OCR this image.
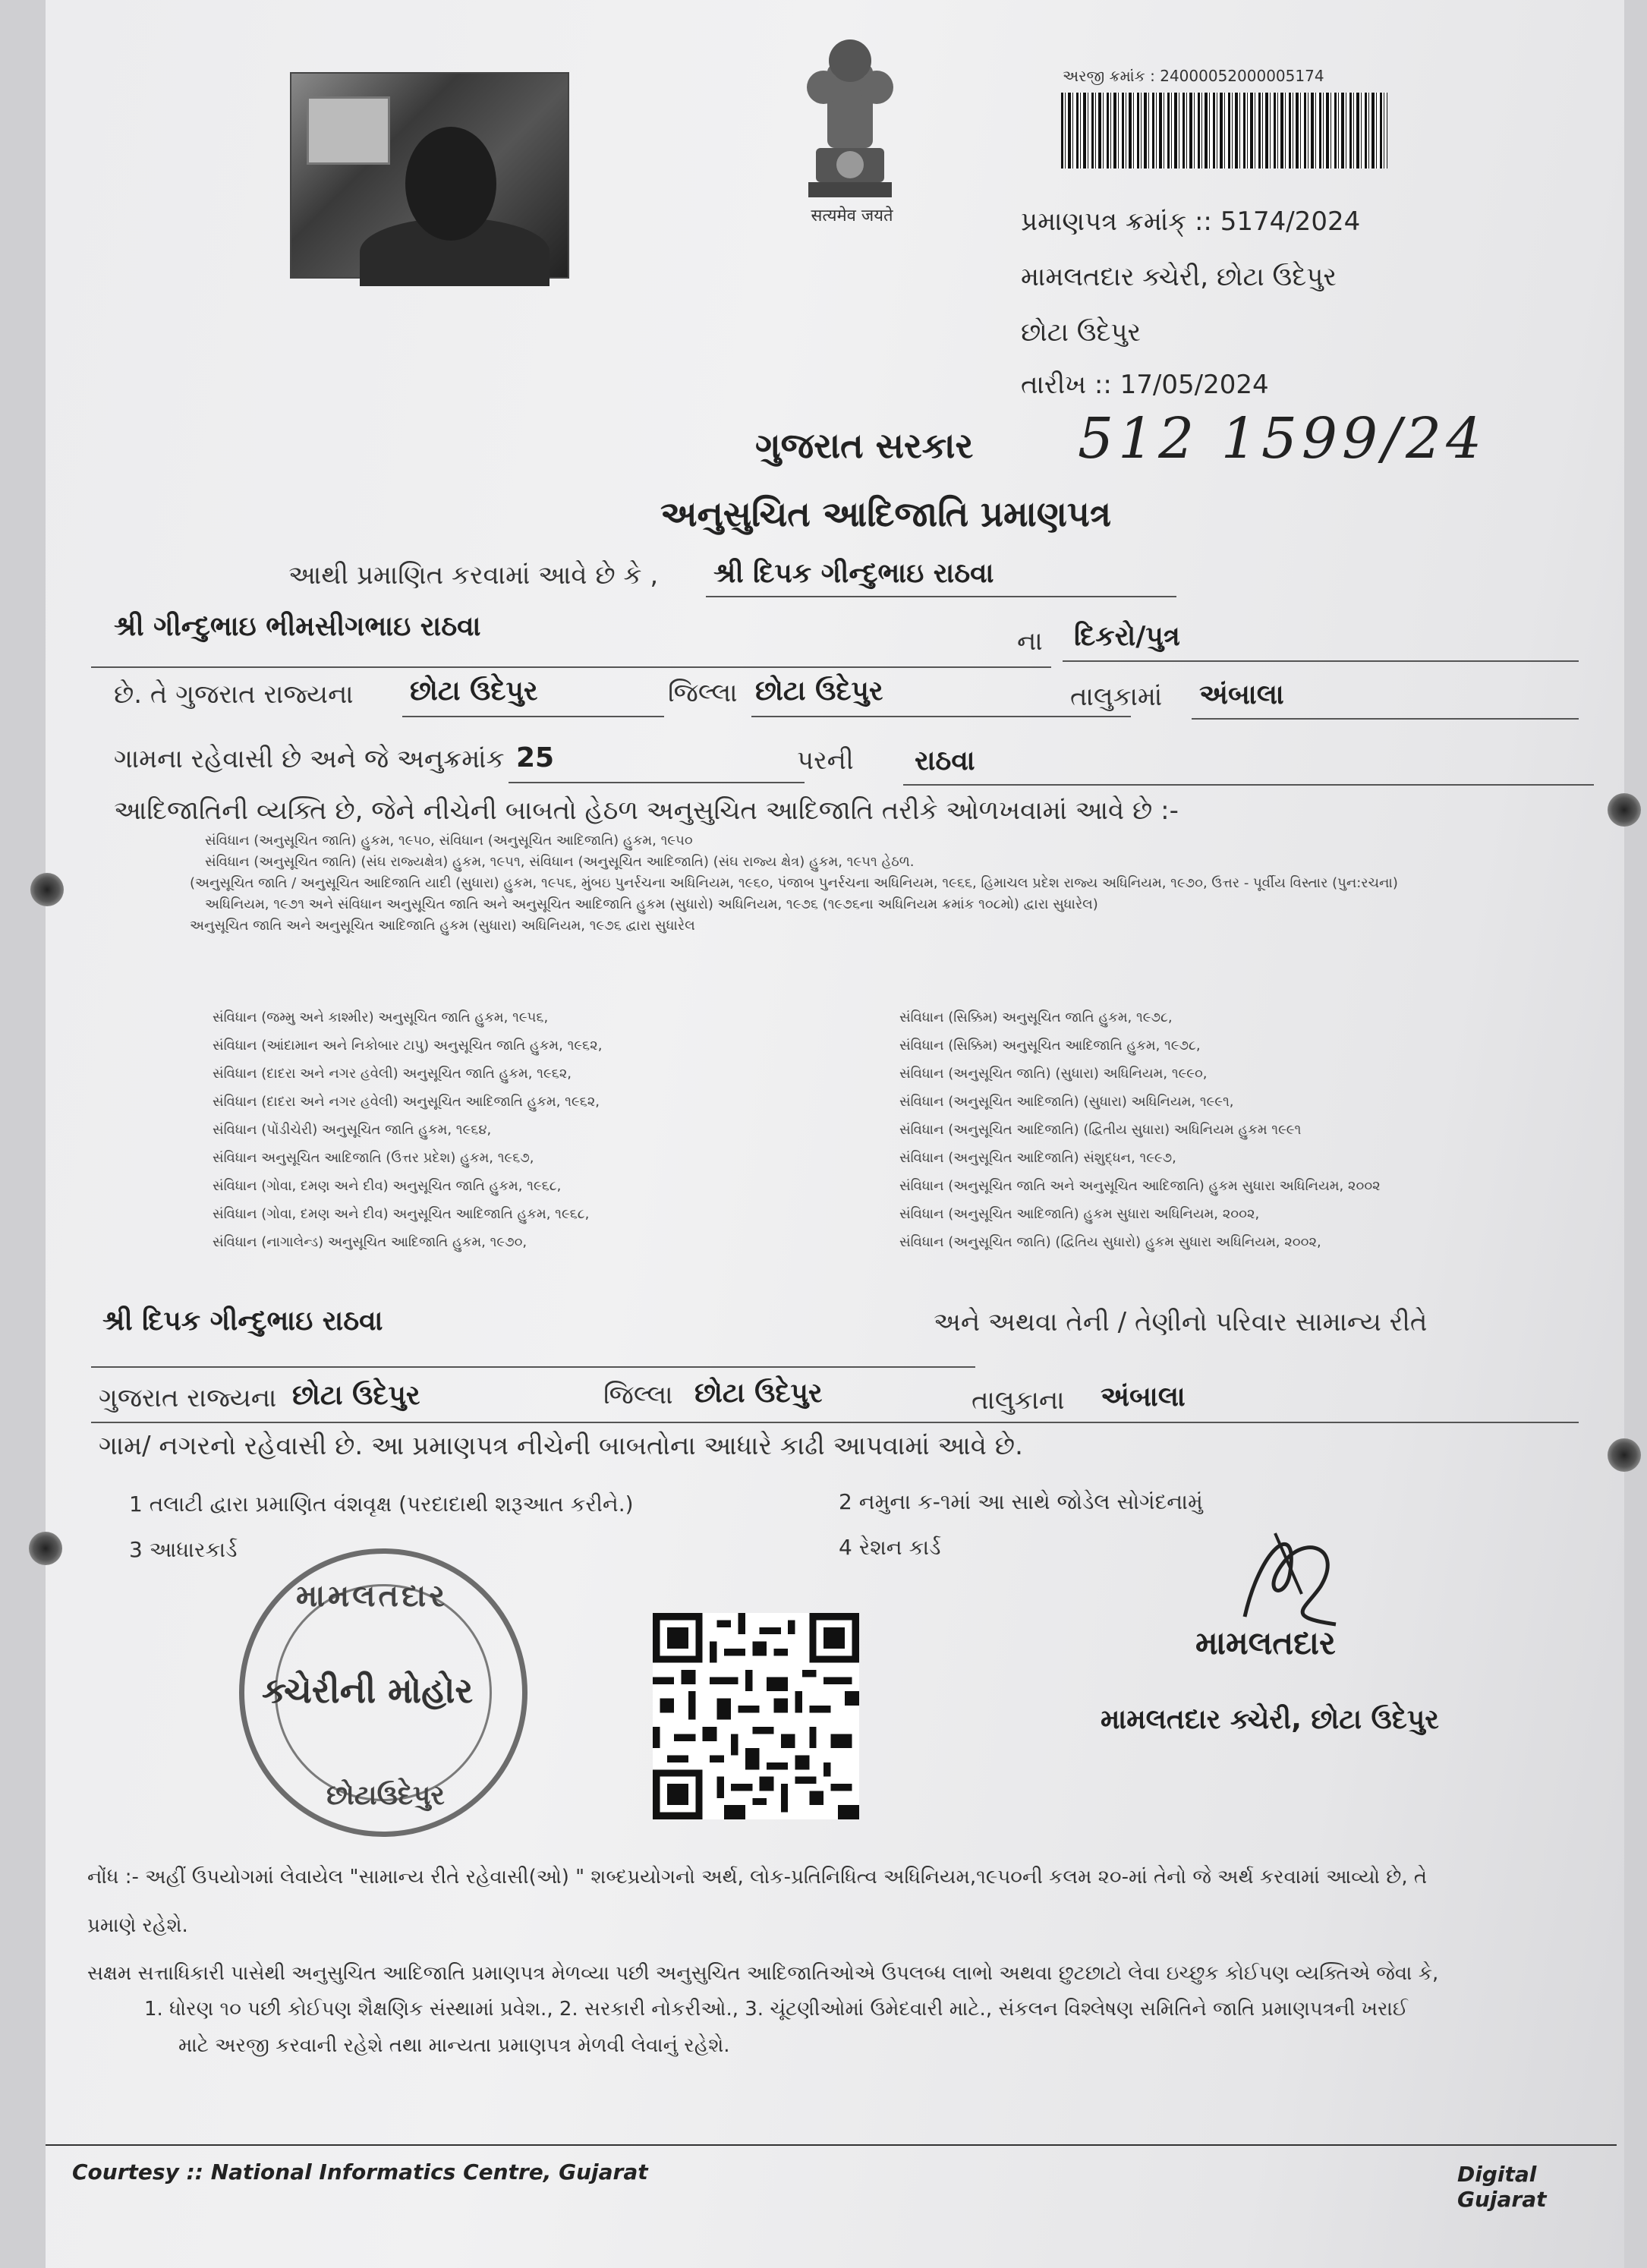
सत्यमेव जयते
અરજી ક્રમાંક : 24000052000005174
પ્રમાણપત્ર ક્રમાંક્ :: 5174/2024
મામલતદાર ક્ચેરી, છોટા ઉદેપુર
છોટા ઉદેપુર
તારીખ :: 17/05/2024
512 1599/24
ગુજરાત સરકાર
અનુસુચિત આદિજાતિ પ્રમાણપત્ર
આથી પ્રમાણિત કરવામાં આવે છે કે , શ્રી દિપક ગીન્દુભાઇ રાઠવા
શ્રી ગીન્દુભાઇ ભીમસીગભાઇ રાઠવા	ના દિકરો/પુત્ર
છે. તે ગુજરાત રાજ્યના છોટા ઉદેપુર	જિલ્લા છોટા ઉદેપુર	તાલુકામાં અંબાલા
ગામના રહેવાસી છે અને જે અનુક્રમાંક 25	પરની રાઠવા
આદિજાતિની વ્યક્તિ છે, જેને નીચેની બાબતો હેઠળ અનુસુચિત આદિજાતિ તરીકે ઓળખવામાં આવે છે :-
સંવિધાન (અનુસૂચિત જાતિ) હુકમ, ૧૯૫૦, સંવિધાન (અનુસૂચિત આદિજાતિ) હુકમ, ૧૯૫૦
સંવિધાન (અનુસૂચિત જાતિ) (સંઘ રાજ્યક્ષેત્ર) હુકમ, ૧૯૫૧, સંવિધાન (અનુસૂચિત આદિજાતિ) (સંઘ રાજ્ય ક્ષેત્ર) હુકમ, ૧૯૫૧ હેઠળ.
(અનુસૂચિત જાતિ / અનુસૂચિત આદિજાતિ યાદી (સુધારા) હુકમ, ૧૯૫૬, મુંબઇ પુનર્રચના અધિનિયમ, ૧૯૬૦, પંજાબ પુનર્રચના અધિનિયમ, ૧૯૬૬, હિમાચલ પ્રદેશ રાજ્ય અધિનિયમ, ૧૯૭૦, ઉત્તર - પૂર્વીય વિસ્તાર (પુન:રચના)
અધિનિયમ, ૧૯૭૧ અને સંવિધાન અનુસૂચિત જાતિ અને અનુસૂચિત આદિજાતિ હુકમ (સુધારો) અધિનિયમ, ૧૯૭૬ (૧૯૭૬ના અધિનિયમ ક્રમાંક ૧૦૮મો) દ્વારા સુધારેલ)
અનુસૂચિત જાતિ અને અનુસૂચિત આદિજાતિ હુકમ (સુધારા) અધિનિયમ, ૧૯૭૬ દ્વારા સુધારેલ
સંવિધાન (જમ્મુ અને કાશ્મીર) અનુસૂચિત જાતિ હુકમ, ૧૯૫૬,
સંવિધાન (આંદામાન અને નિકોબાર ટાપુ) અનુસૂચિત જાતિ હુકમ, ૧૯૬૨,
સંવિધાન (દાદરા અને નગર હવેલી) અનુસૂચિત જાતિ હુકમ, ૧૯૬૨,
સંવિધાન (દાદરા અને નગર હવેલી) અનુસૂચિત આદિજાતિ હુકમ, ૧૯૬૨,
સંવિધાન (પોંડીચેરી) અનુસૂચિત જાતિ હુકમ, ૧૯૬૪,
સંવિધાન અનુસૂચિત આદિજાતિ (ઉત્તર પ્રદેશ) હુકમ, ૧૯૬૭,
સંવિધાન (ગોવા, દમણ અને દીવ) અનુસૂચિત જાતિ હુકમ, ૧૯૬૮,
સંવિધાન (ગોવા, દમણ અને દીવ) અનુસૂચિત આદિજાતિ હુકમ, ૧૯૬૮,
સંવિધાન (નાગાલેન્ડ) અનુસૂચિત આદિજાતિ હુકમ, ૧૯૭૦,
સંવિધાન (સિક્કિમ) અનુસૂચિત જાતિ હુકમ, ૧૯૭૮,
સંવિધાન (સિક્કિમ) અનુસૂચિત આદિજાતિ હુકમ, ૧૯૭૮,
સંવિધાન (અનુસૂચિત જાતિ) (સુધારા) અધિનિયમ, ૧૯૯૦,
સંવિધાન (અનુસૂચિત આદિજાતિ) (સુધારા) અધિનિયમ, ૧૯૯૧,
સંવિધાન (અનુસૂચિત આદિજાતિ) (દ્વિતીય સુધારા) અધિનિયમ હુકમ ૧૯૯૧
સંવિધાન (અનુસૂચિત આદિજાતિ) સંશુદ્ધન, ૧૯૯૭,
સંવિધાન (અનુસૂચિત જાતિ અને અનુસૂચિત આદિજાતિ) હુકમ સુધારા અધિનિયમ, ૨૦૦૨
સંવિધાન (અનુસૂચિત આદિજાતિ) હુકમ સુધારા અધિનિયમ, ૨૦૦૨,
સંવિધાન (અનુસૂચિત જાતિ) (દ્વિતિય સુધારો) હુકમ સુધારા અધિનિયમ, ૨૦૦૨,
શ્રી દિપક ગીન્દુભાઇ રાઠવા	અને અથવા તેની / તેણીનો પરિવાર સામાન્ય રીતે
ગુજરાત રાજ્યના છોટા ઉદેપુર	જિલ્લા છોટા ઉદેપુર	તાલુકાના અંબાલા
ગામ/ નગરનો રહેવાસી છે. આ પ્રમાણપત્ર નીચેની બાબતોના આધારે કાઢી આપવામાં આવે છે.
1 તલાટી દ્વારા પ્રમાણિત વંશવૃક્ષ (પરદાદાથી શરૂઆત કરીને.)	2 નમુના ક-૧માં આ સાથે જોડેલ સોગંદનામું
3 આધારકાર્ડ	4 રેશન કાર્ડ
મામલતદાર
ક્ચેરીની મોહોર
છોટાઉદેપુર
મામલતદાર
મામલતદાર ક્ચેરી, છોટા ઉદેપુર
નોંધ :- અહીં ઉપયોગમાં લેવાયેલ "સામાન્ય રીતે રહેવાસી(ઓ) " શબ્દપ્રયોગનો અર્થ, લોક-પ્રતિનિધિત્વ અધિનિયમ,૧૯૫૦ની કલમ ૨૦-માં તેનો જે અર્થ કરવામાં આવ્યો છે, તે
પ્રમાણે રહેશે.
સક્ષમ સત્તાધિકારી પાસેથી અનુસુચિત આદિજાતિ પ્રમાણપત્ર મેળવ્યા પછી અનુસુચિત આદિજાતિઓએ ઉપલબ્ધ લાભો અથવા છુટછાટો લેવા ઇચ્છુક કોઈપણ વ્યક્તિએ જેવા કે,
1. ધોરણ ૧૦ પછી કોઈપણ શૈક્ષણિક સંસ્થામાં પ્રવેશ., 2. સરકારી નોકરીઓ., 3. ચૂંટણીઓમાં ઉમેદવારી માટે., સંકલન વિશ્લેષણ સમિતિને જાતિ પ્રમાણપત્રની ખરાઈ
માટે અરજી કરવાની રહેશે તથા માન્યતા પ્રમાણપત્ર મેળવી લેવાનું રહેશે.
Courtesy :: National Informatics Centre, Gujarat	Digital Gujarat
